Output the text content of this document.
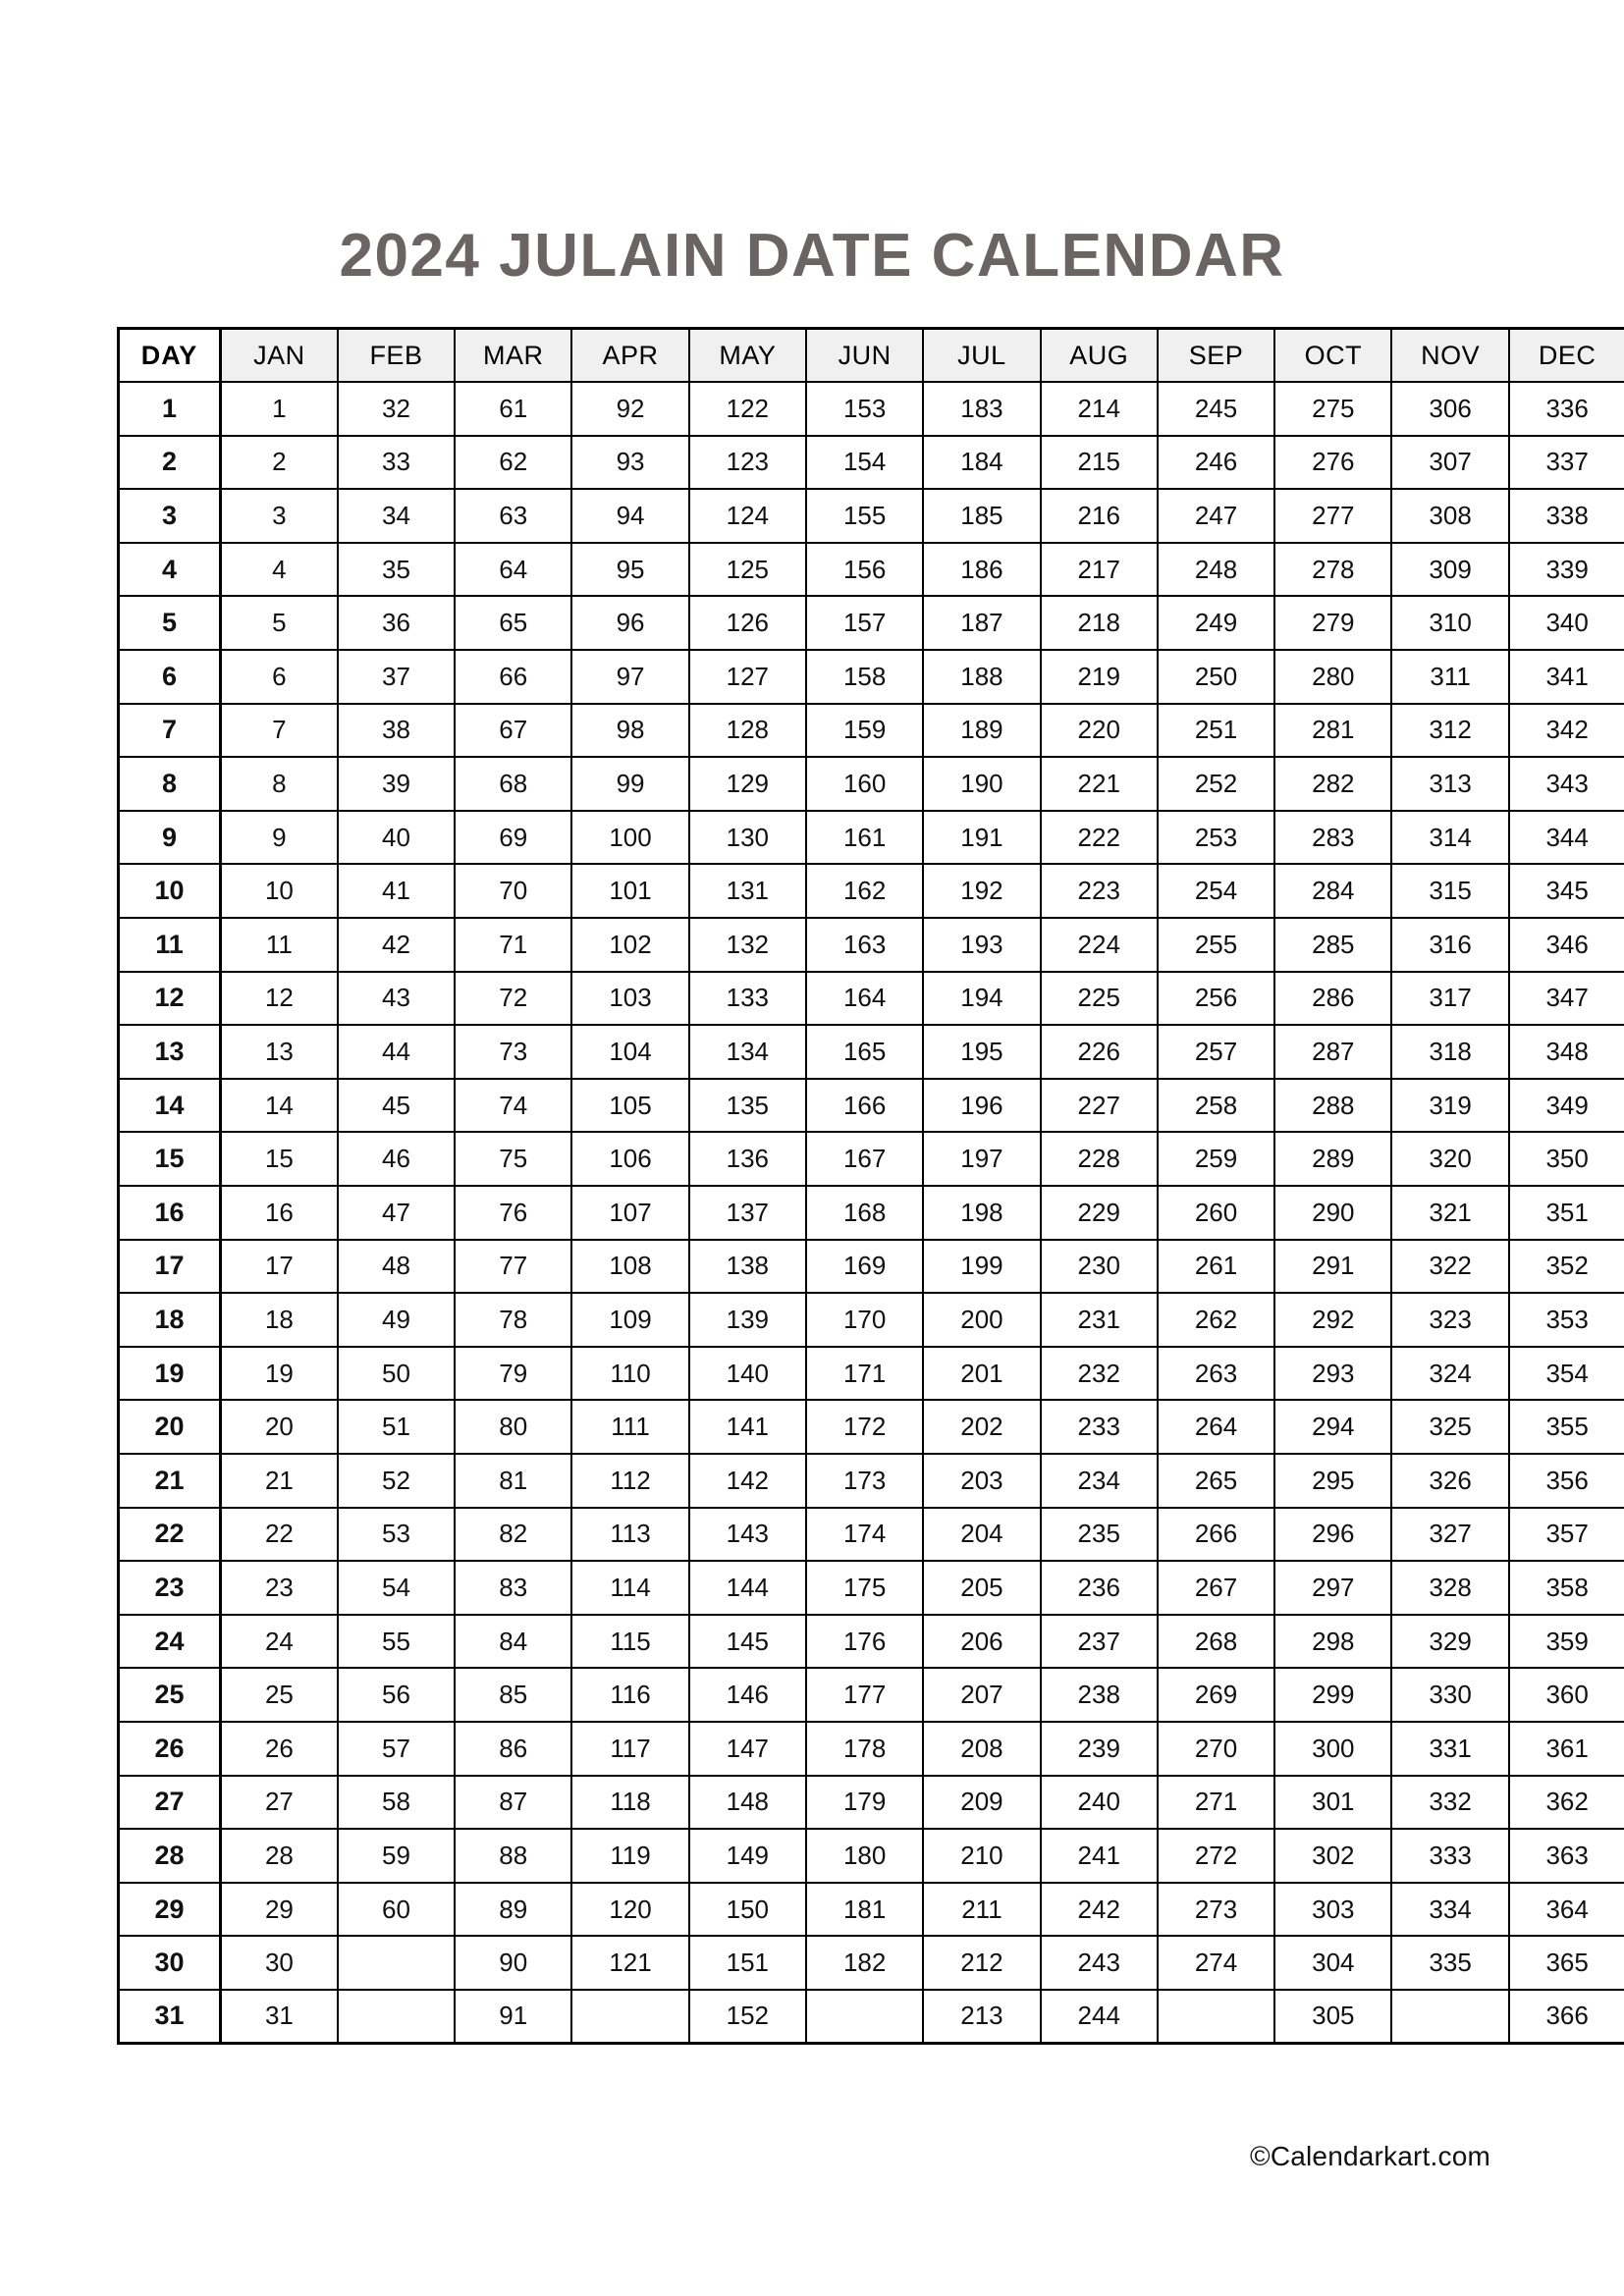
2024 JULAIN DATE CALENDAR
DAY	JAN	FEB	MAR	APR	MAY	JUN	JUL	AUG	SEP	OCT	NOV	DEC
1	1	32	61	92	122	153	183	214	245	275	306	336
2	2	33	62	93	123	154	184	215	246	276	307	337
3	3	34	63	94	124	155	185	216	247	277	308	338
4	4	35	64	95	125	156	186	217	248	278	309	339
5	5	36	65	96	126	157	187	218	249	279	310	340
6	6	37	66	97	127	158	188	219	250	280	311	341
7	7	38	67	98	128	159	189	220	251	281	312	342
8	8	39	68	99	129	160	190	221	252	282	313	343
9	9	40	69	100	130	161	191	222	253	283	314	344
10	10	41	70	101	131	162	192	223	254	284	315	345
11	11	42	71	102	132	163	193	224	255	285	316	346
12	12	43	72	103	133	164	194	225	256	286	317	347
13	13	44	73	104	134	165	195	226	257	287	318	348
14	14	45	74	105	135	166	196	227	258	288	319	349
15	15	46	75	106	136	167	197	228	259	289	320	350
16	16	47	76	107	137	168	198	229	260	290	321	351
17	17	48	77	108	138	169	199	230	261	291	322	352
18	18	49	78	109	139	170	200	231	262	292	323	353
19	19	50	79	110	140	171	201	232	263	293	324	354
20	20	51	80	111	141	172	202	233	264	294	325	355
21	21	52	81	112	142	173	203	234	265	295	326	356
22	22	53	82	113	143	174	204	235	266	296	327	357
23	23	54	83	114	144	175	205	236	267	297	328	358
24	24	55	84	115	145	176	206	237	268	298	329	359
25	25	56	85	116	146	177	207	238	269	299	330	360
26	26	57	86	117	147	178	208	239	270	300	331	361
27	27	58	87	118	148	179	209	240	271	301	332	362
28	28	59	88	119	149	180	210	241	272	302	333	363
29	29	60	89	120	150	181	211	242	273	303	334	364
30	30		90	121	151	182	212	243	274	304	335	365
31	31		91		152		213	244		305		366
©Calendarkart.com
